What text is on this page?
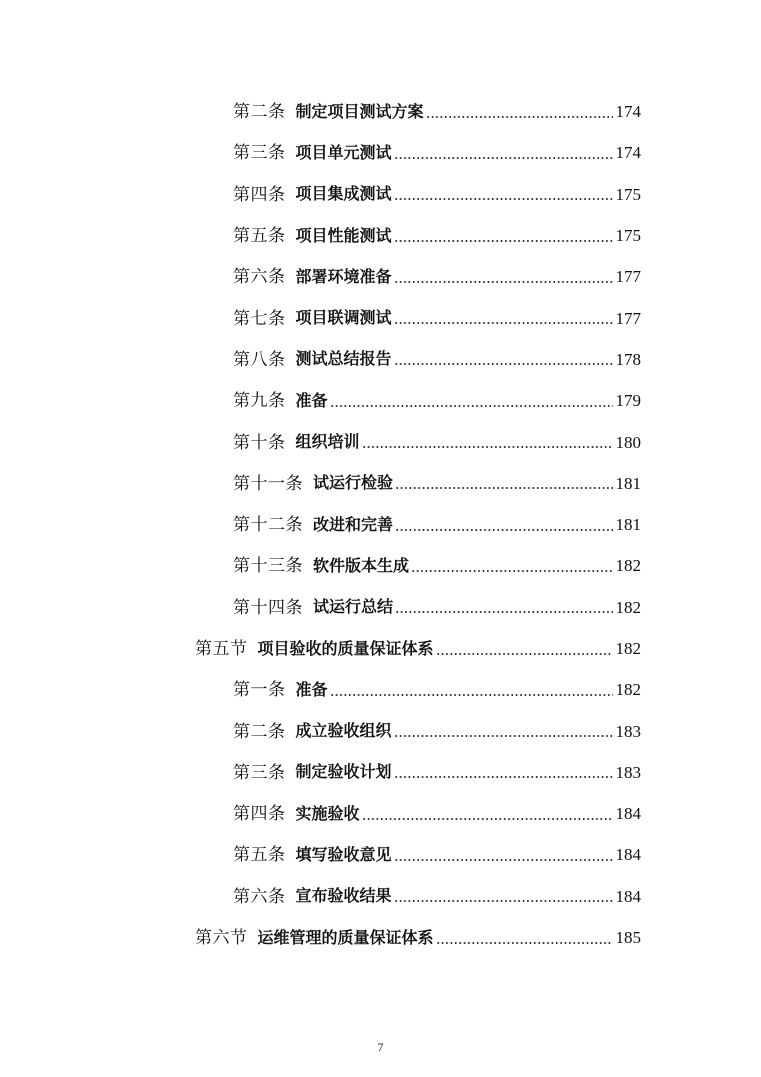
第二条 制定项目测试方案	174
第三条 项目单元测试	174
第四条 项目集成测试	175
第五条 项目性能测试	175
第六条 部署环境准备	177
第七条 项目联调测试	177
第八条 测试总结报告	178
第九条 准备	179
第十条 组织培训	180
第十一条 试运行检验	181
第十二条 改进和完善	181
第十三条 软件版本生成	182
第十四条 试运行总结	182
第五节 项目验收的质量保证体系	182
第一条 准备	182
第二条 成立验收组织	183
第三条 制定验收计划	183
第四条 实施验收	184
第五条 填写验收意见	184
第六条 宣布验收结果	184
第六节 运维管理的质量保证体系	185
7
